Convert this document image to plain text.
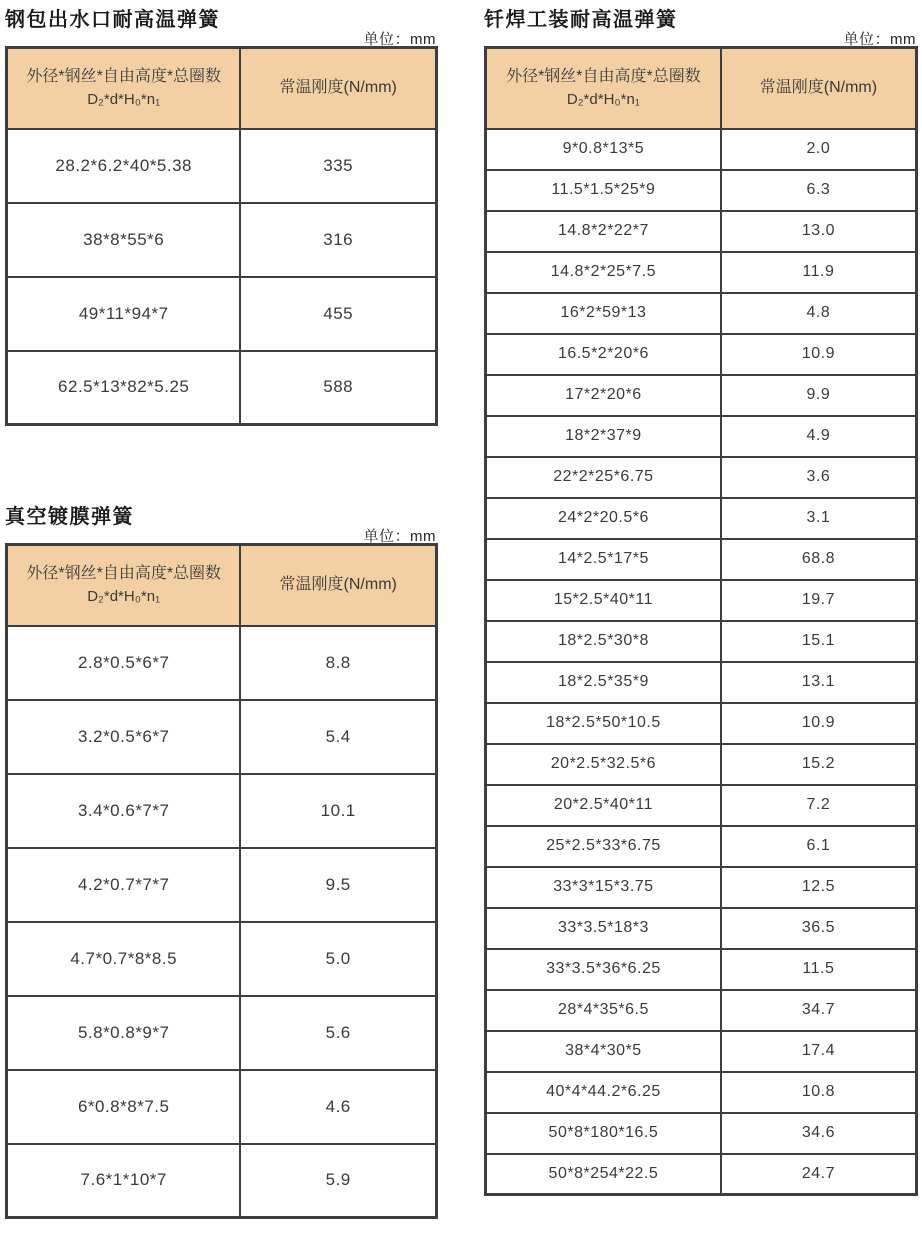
钢包出水口耐高温弹簧
单位：mm
外径*钢丝*自由高度*总圈数
D₂*d*H₀*n₁	常温刚度(N/mm)
28.2*6.2*40*5.38	335
38*8*55*6	316
49*11*94*7	455
62.5*13*82*5.25	588
真空镀膜弹簧
单位：mm
外径*钢丝*自由高度*总圈数
D₂*d*H₀*n₁	常温刚度(N/mm)
2.8*0.5*6*7	8.8
3.2*0.5*6*7	5.4
3.4*0.6*7*7	10.1
4.2*0.7*7*7	9.5
4.7*0.7*8*8.5	5.0
5.8*0.8*9*7	5.6
6*0.8*8*7.5	4.6
7.6*1*10*7	5.9
钎焊工装耐高温弹簧
单位：mm
外径*钢丝*自由高度*总圈数
D₂*d*H₀*n₁	常温刚度(N/mm)
9*0.8*13*5	2.0
11.5*1.5*25*9	6.3
14.8*2*22*7	13.0
14.8*2*25*7.5	11.9
16*2*59*13	4.8
16.5*2*20*6	10.9
17*2*20*6	9.9
18*2*37*9	4.9
22*2*25*6.75	3.6
24*2*20.5*6	3.1
14*2.5*17*5	68.8
15*2.5*40*11	19.7
18*2.5*30*8	15.1
18*2.5*35*9	13.1
18*2.5*50*10.5	10.9
20*2.5*32.5*6	15.2
20*2.5*40*11	7.2
25*2.5*33*6.75	6.1
33*3*15*3.75	12.5
33*3.5*18*3	36.5
33*3.5*36*6.25	11.5
28*4*35*6.5	34.7
38*4*30*5	17.4
40*4*44.2*6.25	10.8
50*8*180*16.5	34.6
50*8*254*22.5	24.7
